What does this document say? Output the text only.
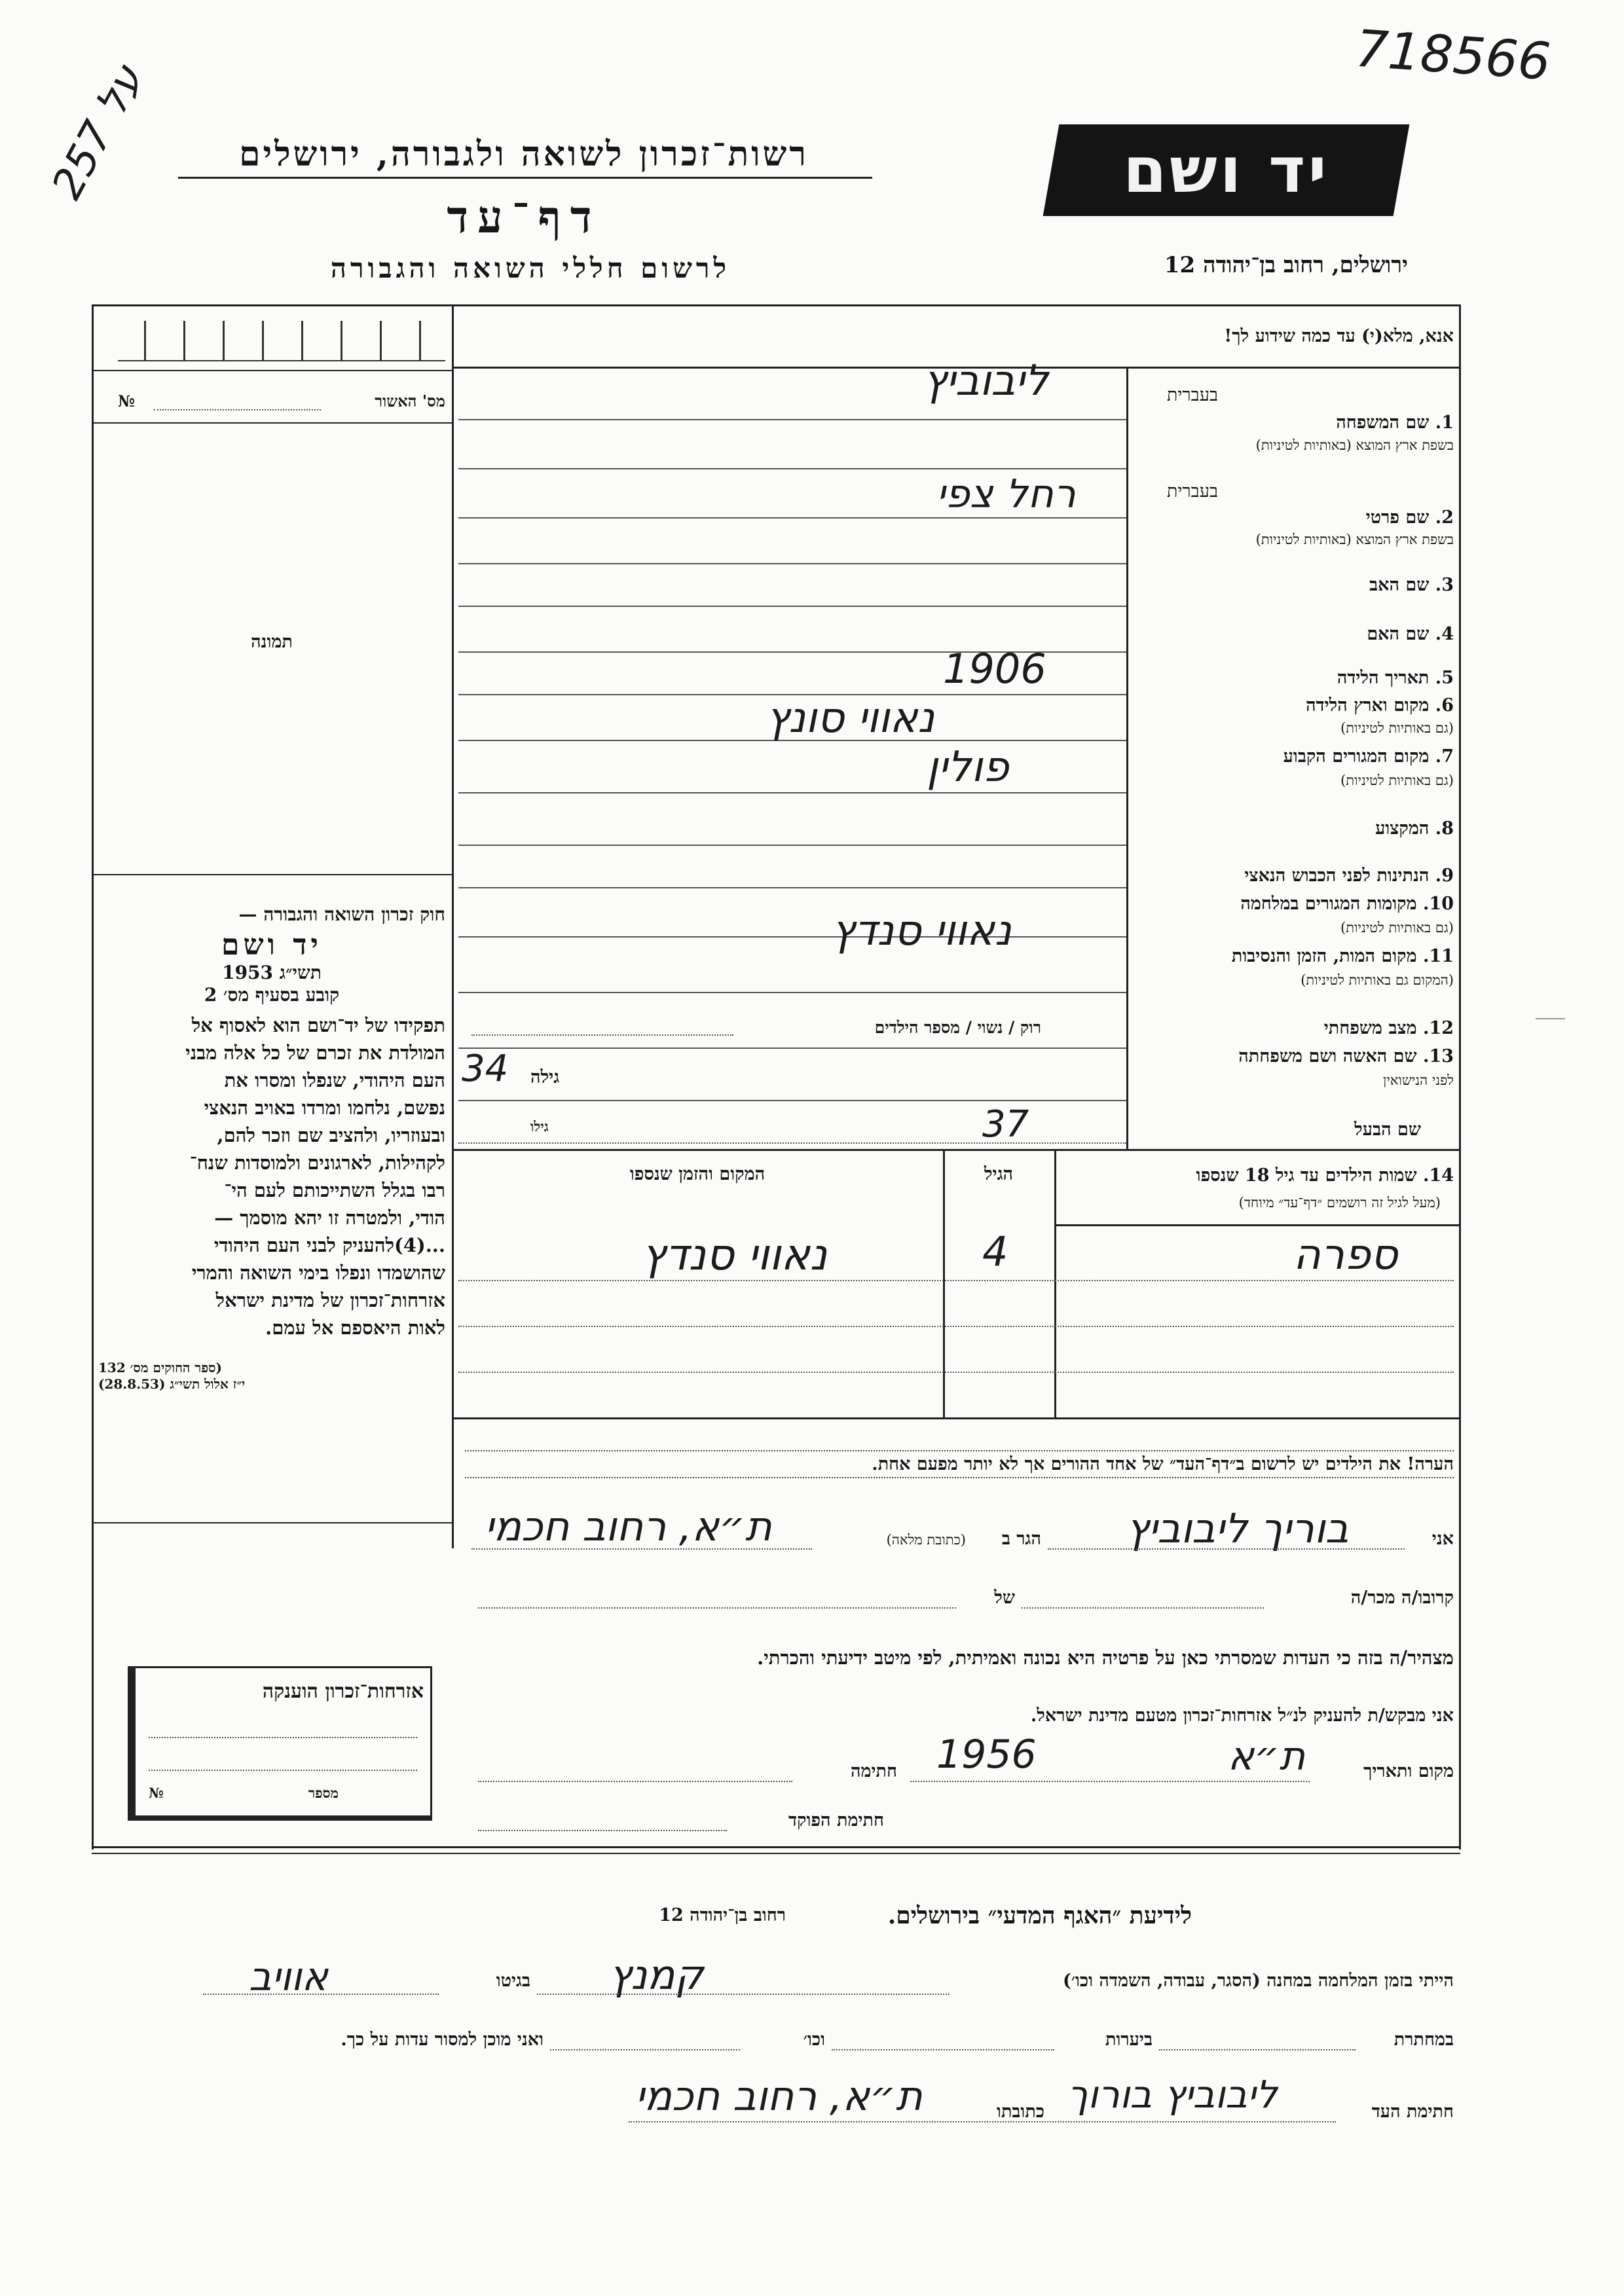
718566
על 257
רשות־זכרון לשואה ולגבורה, ירושלים
דף־עד
לרשום חללי השואה והגבורה
יד ושם
ירושלים, רחוב בן־יהודה 12
מס' האשור
№
תמונה
חוק זכרון השואה והגבורה —
יד ושם
תשי״ג 1953
קובע בסעיף מס׳ 2
תפקידו של יד־ושם הוא לאסוף אל
המולדת את זכרם של כל אלה מבני
העם היהודי, שנפלו ומסרו את
נפשם, נלחמו ומרדו באויב הנאצי
ובעוזריו, ולהציב שם וזכר להם,
לקהילות, לארגונים ולמוסדות שנח־
רבו בגלל השתייכותם לעם הי־
הודי, ולמטרה זו יהא מוסמך —
...(4)להעניק לבני העם היהודי
שהושמדו ונפלו בימי השואה והמרי
אזרחות־זכרון של מדינת ישראל
לאות היאספם אל עמם.
(ספר החוקים מס׳ 132
י״ז אלול תשי״ג (28.8.53)
אזרחות־זכרון הוענקה
מספר
№
אנא, מלא(י) עד כמה שידוע לך!
בעברית
1. שם המשפחה
בשפת ארץ המוצא (באותיות לטיניות)
בעברית
2. שם פרטי
בשפת ארץ המוצא (באותיות לטיניות)
3. שם האב
4. שם האם
5. תאריך הלידה
6. מקום וארץ הלידה
(גם באותיות לטיניות)
7. מקום המגורים הקבוע
(גם באותיות לטיניות)
8. המקצוע
9. הנתינות לפני הכבוש הנאצי
10. מקומות המגורים במלחמה
(גם באותיות לטיניות)
11. מקום המות, הזמן והנסיבות
(המקום גם באותיות לטיניות)
12. מצב משפחתי
13. שם האשה ושם משפחתה
לפני הנישואין
שם הבעל
ליבוביץ
רחל צפי
1906
נאווי סונץ
פולין
נאווי סנדץ
רוק / נשוי / מספר הילדים
34 גילה
37
גילו
14. שמות הילדים עד גיל 18 שנספו
(מעל לגיל זה רושמים ״דף־עד״ מיוחד)
הגיל
המקום והזמן שנספו
ספרה
4
נאווי סנדץ
הערה! את הילדים יש לרשום ב״דף־העד״ של אחד ההורים אך לא יותר מפעם אחת.
אני
בוריך ליבוביץ
הגר ב
(כתובת מלאה)
ת״א, רחוב חכמי
קרובו/ה מכר/ה
של
מצהיר/ה בזה כי העדות שמסרתי כאן על פרטיה היא נכונה ואמיתית, לפי מיטב ידיעתי והכרתי.
אני מבקש/ת להעניק לנ״ל אזרחות־זכרון מטעם מדינת ישראל.
מקום ותאריך
ת״א
1956
חתימה
חתימת הפוקד
לידיעת ״האגף המדעי״ בירושלים.
רחוב בן־יהודה 12
הייתי בזמן המלחמה במחנה (הסגר, עבודה, השמדה וכו׳)
קמנץ
בגיטו
אוויב
במחתרת
ביערות
וכו׳
ואני מוכן למסור עדות על כך.
חתימת העד
ליבוביץ בורוך
כתובתו
ת״א, רחוב חכמי
